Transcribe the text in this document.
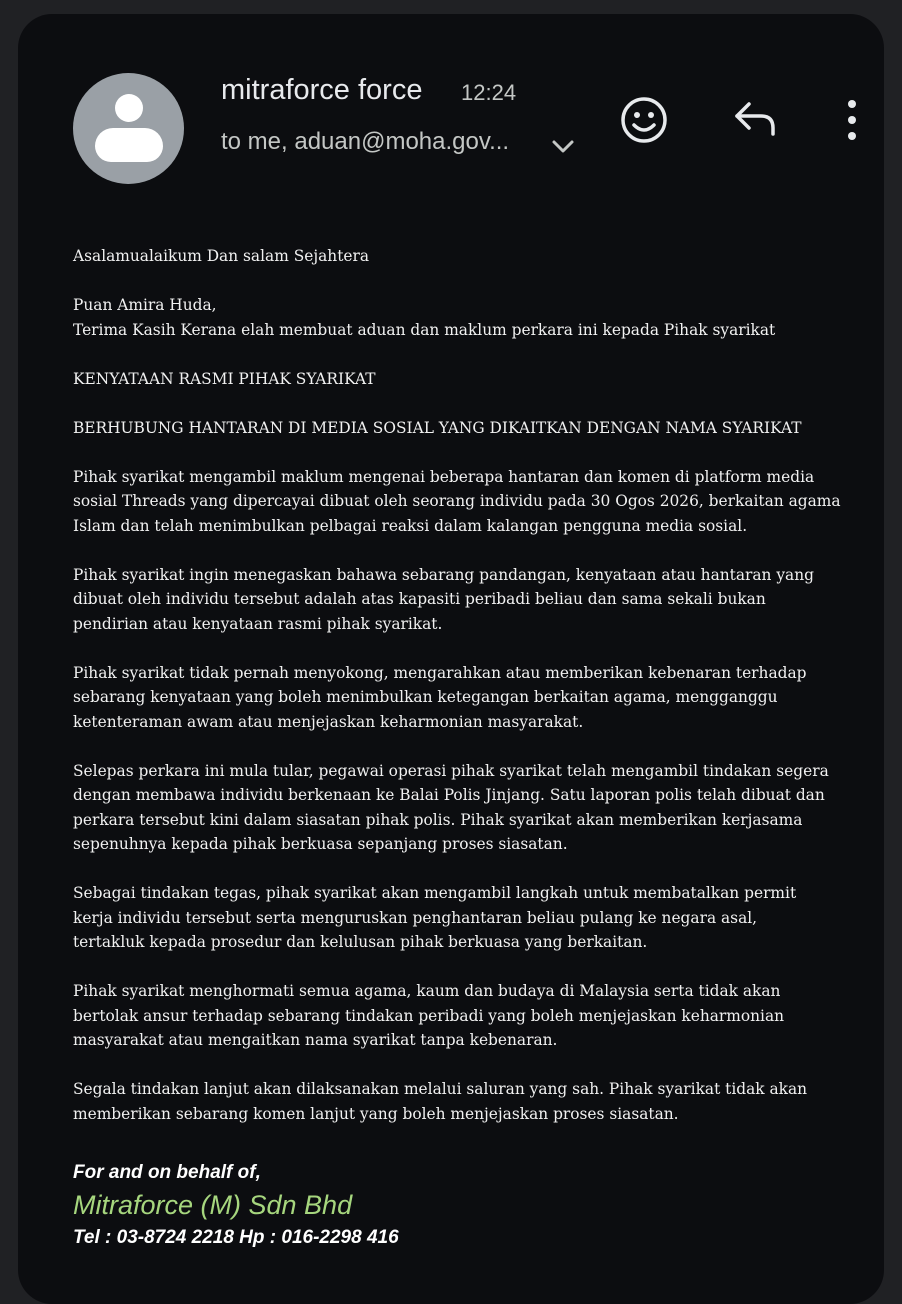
mitraforce force 12:24
to me, aduan@moha.gov...

Asalamualaikum Dan salam Sejahtera

Puan Amira Huda,
Terima Kasih Kerana elah membuat aduan dan maklum perkara ini kepada Pihak syarikat

KENYATAAN RASMI PIHAK SYARIKAT

BERHUBUNG HANTARAN DI MEDIA SOSIAL YANG DIKAITKAN DENGAN NAMA SYARIKAT

Pihak syarikat mengambil maklum mengenai beberapa hantaran dan komen di platform media
sosial Threads yang dipercayai dibuat oleh seorang individu pada 30 Ogos 2026, berkaitan agama
Islam dan telah menimbulkan pelbagai reaksi dalam kalangan pengguna media sosial.

Pihak syarikat ingin menegaskan bahawa sebarang pandangan, kenyataan atau hantaran yang
dibuat oleh individu tersebut adalah atas kapasiti peribadi beliau dan sama sekali bukan
pendirian atau kenyataan rasmi pihak syarikat.

Pihak syarikat tidak pernah menyokong, mengarahkan atau memberikan kebenaran terhadap
sebarang kenyataan yang boleh menimbulkan ketegangan berkaitan agama, mengganggu
ketenteraman awam atau menjejaskan keharmonian masyarakat.

Selepas perkara ini mula tular, pegawai operasi pihak syarikat telah mengambil tindakan segera
dengan membawa individu berkenaan ke Balai Polis Jinjang. Satu laporan polis telah dibuat dan
perkara tersebut kini dalam siasatan pihak polis. Pihak syarikat akan memberikan kerjasama
sepenuhnya kepada pihak berkuasa sepanjang proses siasatan.

Sebagai tindakan tegas, pihak syarikat akan mengambil langkah untuk membatalkan permit
kerja individu tersebut serta menguruskan penghantaran beliau pulang ke negara asal,
tertakluk kepada prosedur dan kelulusan pihak berkuasa yang berkaitan.

Pihak syarikat menghormati semua agama, kaum dan budaya di Malaysia serta tidak akan
bertolak ansur terhadap sebarang tindakan peribadi yang boleh menjejaskan keharmonian
masyarakat atau mengaitkan nama syarikat tanpa kebenaran.

Segala tindakan lanjut akan dilaksanakan melalui saluran yang sah. Pihak syarikat tidak akan
memberikan sebarang komen lanjut yang boleh menjejaskan proses siasatan.

For and on behalf of,
Mitraforce (M) Sdn Bhd
Tel : 03-8724 2218 Hp : 016-2298 416
